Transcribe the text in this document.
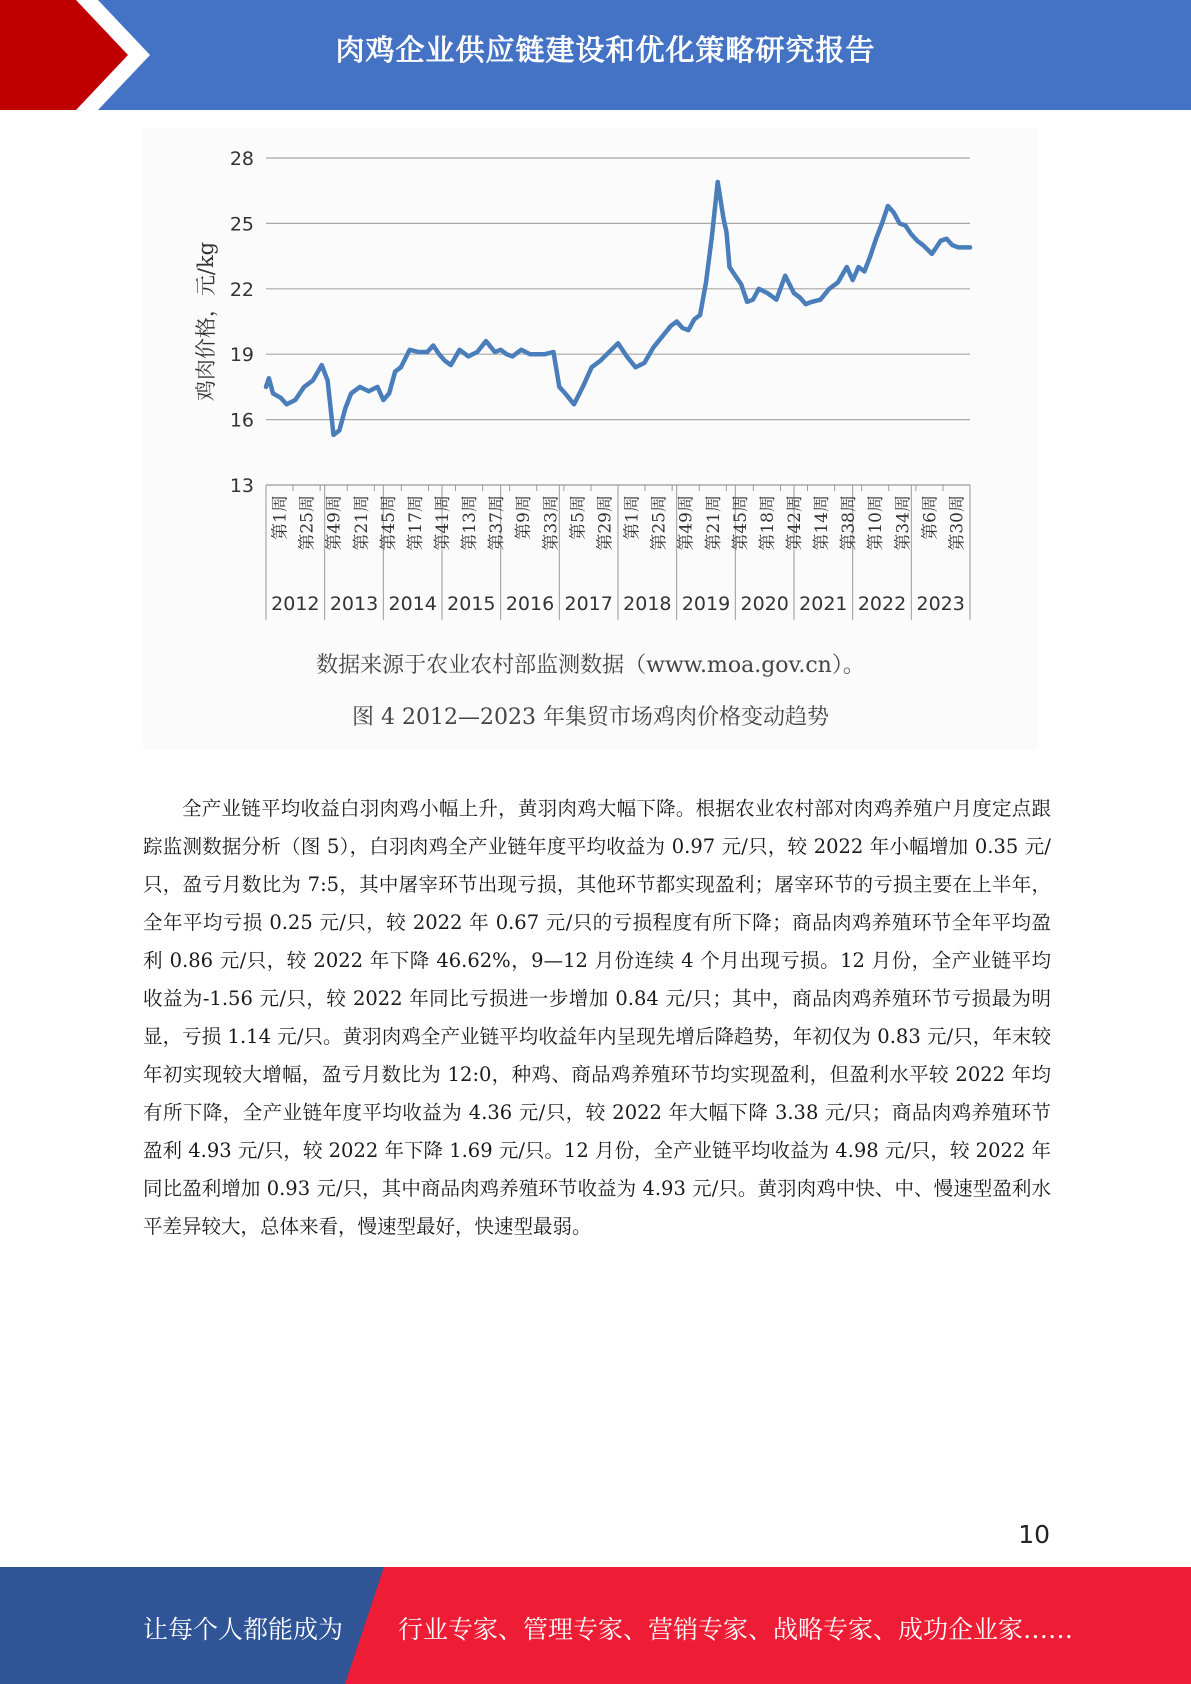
肉鸡企业供应链建设和优化策略研究报告
13
16
19
22
25
28
鸡肉价格，元/kg
第1周 第25周 第49周 第21周 第45周 第17周 第41周 第13周 第37周 第9周 第33周 第5周 第29周 第1周 第25周 第49周 第21周 第45周 第18周 第42周 第14周 第38周 第10周 第34周 第6周 第30周
2012 2013 2014 2015 2016 2017 2018 2019 2020 2021 2022 2023
数据来源于农业农村部监测数据（www.moa.gov.cn）。
图 4 2012—2023 年集贸市场鸡肉价格变动趋势

全产业链平均收益白羽肉鸡小幅上升，黄羽肉鸡大幅下降。根据农业农村部对肉鸡养殖户月度定点跟踪监测数据分析（图 5），白羽肉鸡全产业链年度平均收益为 0.97 元/只，较 2022 年小幅增加 0.35 元/只，盈亏月数比为 7:5，其中屠宰环节出现亏损，其他环节都实现盈利；屠宰环节的亏损主要在上半年，全年平均亏损 0.25 元/只，较 2022 年 0.67 元/只的亏损程度有所下降；商品肉鸡养殖环节全年平均盈利 0.86 元/只，较 2022 年下降 46.62%，9—12 月份连续 4 个月出现亏损。12 月份，全产业链平均收益为-1.56 元/只，较 2022 年同比亏损进一步增加 0.84 元/只；其中，商品肉鸡养殖环节亏损最为明显，亏损 1.14 元/只。黄羽肉鸡全产业链平均收益年内呈现先增后降趋势，年初仅为 0.83 元/只，年末较年初实现较大增幅，盈亏月数比为 12:0，种鸡、商品鸡养殖环节均实现盈利，但盈利水平较 2022 年均有所下降，全产业链年度平均收益为 4.36 元/只，较 2022 年大幅下降 3.38 元/只；商品肉鸡养殖环节盈利 4.93 元/只，较 2022 年下降 1.69 元/只。12 月份，全产业链平均收益为 4.98 元/只，较 2022 年同比盈利增加 0.93 元/只，其中商品肉鸡养殖环节收益为 4.93 元/只。黄羽肉鸡中快、中、慢速型盈利水平差异较大，总体来看，慢速型最好，快速型最弱。

10
让每个人都能成为 行业专家、管理专家、营销专家、战略专家、成功企业家……
